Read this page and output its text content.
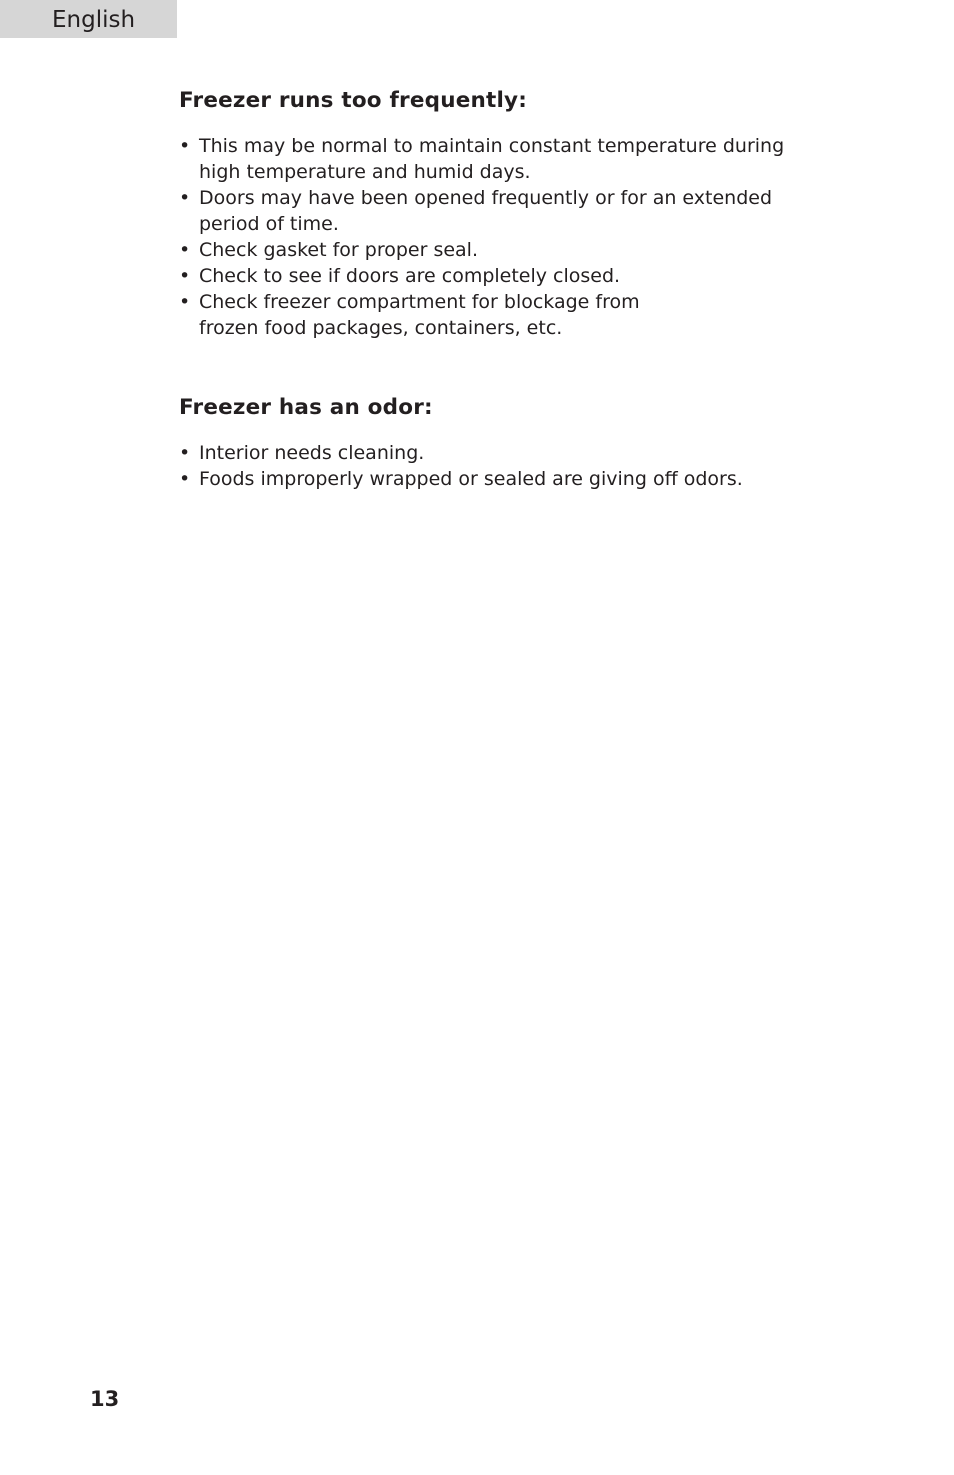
English
Freezer runs too frequently:
• This may be normal to maintain constant temperature during
high temperature and humid days.
• Doors may have been opened frequently or for an extended
period of time.
• Check gasket for proper seal.
• Check to see if doors are completely closed.
• Check freezer compartment for blockage from
frozen food packages, containers, etc.
Freezer has an odor:
• Interior needs cleaning.
• Foods improperly wrapped or sealed are giving off odors.
13
